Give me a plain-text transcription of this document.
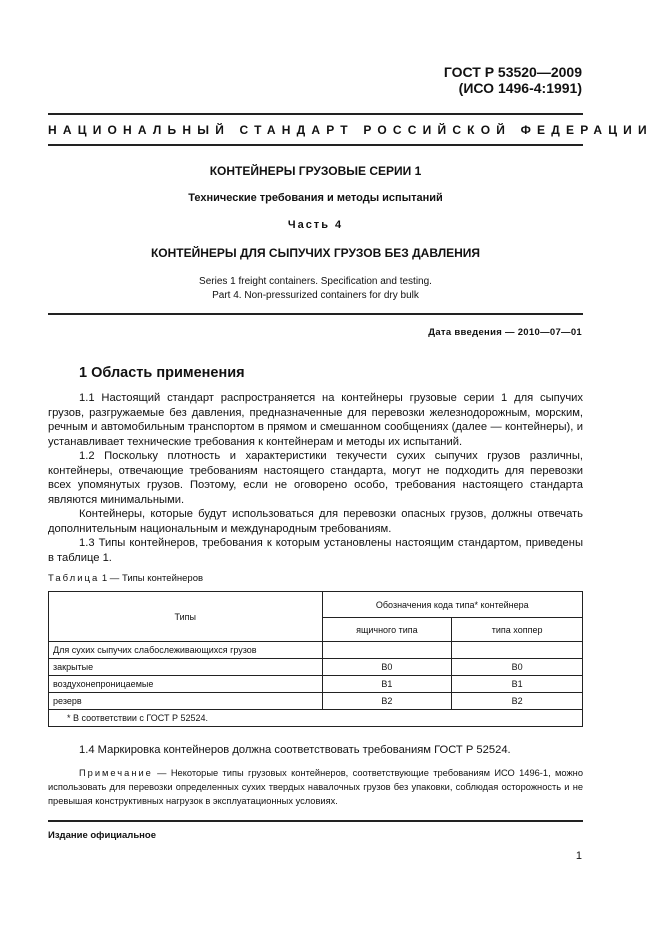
ГОСТ Р 53520—2009
(ИСО 1496-4:1991)
НАЦИОНАЛЬНЫЙ СТАНДАРТ РОССИЙСКОЙ ФЕДЕРАЦИИ
КОНТЕЙНЕРЫ ГРУЗОВЫЕ СЕРИИ 1
Технические требования и методы испытаний
Часть 4
КОНТЕЙНЕРЫ ДЛЯ СЫПУЧИХ ГРУЗОВ БЕЗ ДАВЛЕНИЯ
Series 1 freight containers. Specification and testing.
Part 4. Non-pressurized containers for dry bulk
Дата введения — 2010—07—01
1 Область применения
1.1 Настоящий стандарт распространяется на контейнеры грузовые серии 1 для сыпучих грузов, разгружаемые без давления, предназначенные для перевозки железнодорожным, морским, речным и автомобильным транспортом в прямом и смешанном сообщениях (далее — контейнеры), и устанавливает технические требования к контейнерам и методы их испытаний.
1.2 Поскольку плотность и характеристики текучести сухих сыпучих грузов различны, контейнеры, отвечающие требованиям настоящего стандарта, могут не подходить для перевозки всех упомянутых грузов. Поэтому, если не оговорено особо, требования настоящего стандарта являются минимальными.
Контейнеры, которые будут использоваться для перевозки опасных грузов, должны отвечать дополнительным национальным и международным требованиям.
1.3 Типы контейнеров, требования к которым установлены настоящим стандартом, приведены в таблице 1.
Таблица 1 — Типы контейнеров
Типы	Обозначения кода типа* контейнера	
	ящичного типа	типа хоппер
Для сухих сыпучих слабослеживающихся грузов		
закрытые	В0	В0
воздухонепроницаемые	В1	В1
резерв	В2	В2
* В соответствии с ГОСТ Р 52524.		
1.4 Маркировка контейнеров должна соответствовать требованиям ГОСТ Р 52524.
Примечание — Некоторые типы грузовых контейнеров, соответствующие требованиям ИСО 1496-1, можно использовать для перевозки определенных сухих твердых навалочных грузов без упаковки, соблюдая осторожность и не превышая конструктивных нагрузок в эксплуатационных условиях.
Издание официальное
1
